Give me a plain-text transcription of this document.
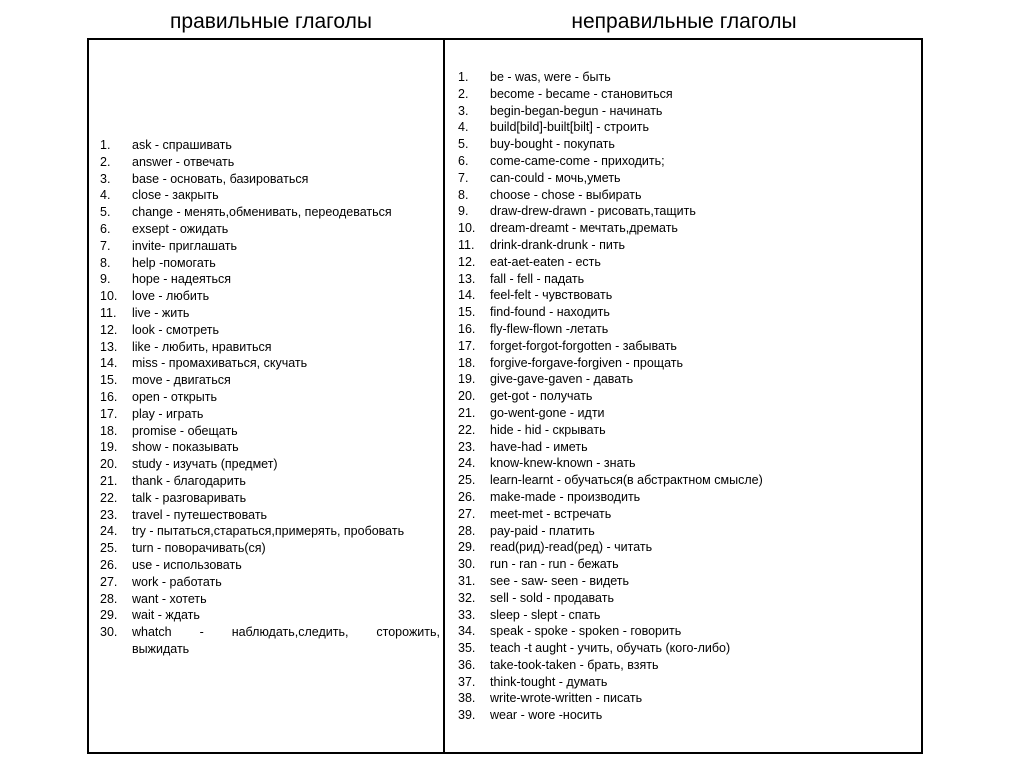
правильные глаголы	неправильные глаголы
1. ask - спрашивать
2. answer - отвечать
3. base - основать, базироваться
4. close - закрыть
5. change - менять,обменивать, переодеваться
6. exsept - ожидать
7. invite- приглашать
8. help -помогать
9. hope - надеяться
10. love - любить
11. live - жить
12. look - смотреть
13. like - любить, нравиться
14. miss - промахиваться, скучать
15. move - двигаться
16. open - открыть
17. play - играть
18. promise - обещать
19. show - показывать
20. study - изучать (предмет)
21. thank - благодарить
22. talk - разговаривать
23. travel - путешествовать
24. try - пытаться,стараться,примерять, пробовать
25. turn - поворачивать(ся)
26. use - использовать
27. work - работать
28. want - хотеть
29. wait - ждать
30. whatch - наблюдать,следить, сторожить,
выжидать
1. be - was, were - быть
2. become - became - становиться
3. begin-began-begun - начинать
4. build[bild]-built[bilt] - строить
5. buy-bought - покупать
6. come-came-come - приходить;
7. can-could - мочь,уметь
8. choose - chose - выбирать
9. draw-drew-drawn - рисовать,тащить
10. dream-dreamt - мечтать,дремать
11. drink-drank-drunk - пить
12. eat-aet-eaten - есть
13. fall - fell - падать
14. feel-felt - чувствовать
15. find-found - находить
16. fly-flew-flown -летать
17. forget-forgot-forgotten - забывать
18. forgive-forgave-forgiven - прощать
19. give-gave-gaven - давать
20. get-got - получать
21. go-went-gone - идти
22. hide - hid - скрывать
23. have-had - иметь
24. know-knew-known - знать
25. learn-learnt - обучаться(в абстрактном смысле)
26. make-made - производить
27. meet-met - встречать
28. pay-paid - платить
29. read(рид)-read(ред) - читать
30. run - ran - run - бежать
31. see - saw- seen - видеть
32. sell - sold - продавать
33. sleep - slept - спать
34. speak - spoke - spoken - говорить
35. teach -t aught - учить, обучать (кого-либо)
36. take-took-taken - брать, взять
37. think-tought - думать
38. write-wrote-written - писать
39. wear - wore -носить
